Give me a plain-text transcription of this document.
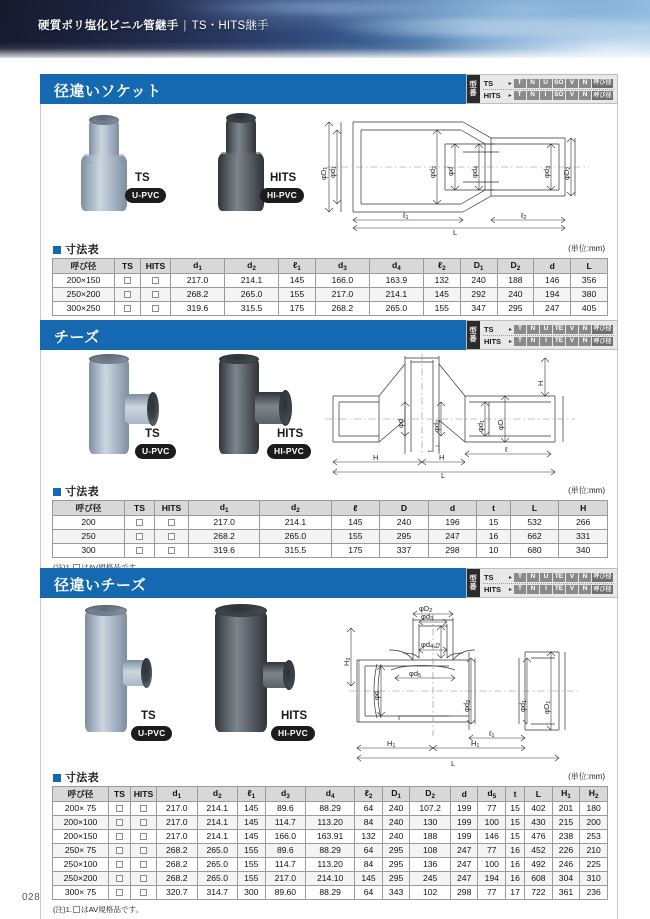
硬質ポリ塩化ビニル管継手 | TS・HITS継手
径違いソケット	型
番
TS	▸ T	N	U SO V	N	呼び径
HITS	▸ T	N	I	SO V	N	呼び径
TS
U-PVC
HITS
HI-PVC
φD1
φd1
φd2 φd φd4
φd3
φD2
ℓ1
L
ℓ2
寸法表	(単位:mm)
呼び径	TS	HITS	$d_1$	$d_2$	ℓ$_1$	$d_3$	$d_4$	ℓ$_2$	$D_1$	$D_2$	d	L
200×150			217.0	214.1	145	166.0	163.9	132	240	188	146	356
250×200			268.2	265.0	155	217.0	214.1	145	292	240	194	380
300×250			319.6	315.5	175	268.2	265.0	155	347	295	247	405
チーズ	型
番
TS	▸ T	N	U	TE	V	N	呼び径
HITS	▸ T	N	I	TE	V	N	呼び径
TS
U-PVC
HITS
HI-PVC
φd	φd2
φd1 φD
H
H	H
ℓ
L
t
寸法表	(単位:mm)
呼び径	TS	HITS	$d_1$	$d_2$	ℓ	D	d	t	L	H
200			217.0	214.1	145	240	196	15	532	266
250			268.2	265.0	155	295	247	16	662	331
300			319.6	315.5	175	337	298	10	680	340
径違いチーズ	型
番
TS	▸ T	N	U	TE	V	N	呼び径
HITS	▸ T	N	I	TE	V	N	呼び径
TS
U-PVC
HITS
HI-PVC
φD2
φd3
φd4
φd5
ℓ2
H2
φd
φd2
φd1
φD1
ℓ1
H1	H1
L
寸法表	(単位:mm)
呼び径	TS	HITS	$d_1$	$d_2$	ℓ$_1$	$d_3$	$d_4$	ℓ$_2$	$D_1$	$D_2$	d	$d_5$	t	L	$H_1$	$H_2$
200× 75			217.0	214.1	145	89.6	88.29	64	240	107.2	199	77	15	402	201	180
200×100			217.0	214.1	145	114.7	113.20	84	240	130	199	100	15	430	215	200
200×150			217.0	214.1	145	166.0	163.91	132	240	188	199	146	15	476	238	253
250× 75			268.2	265.0	155	89.6	88.29	64	295	108	247	77	16	452	226	210
250×100			268.2	265.0	155	114.7	113.20	84	295	136	247	100	16	492	246	225
250×200			268.2	265.0	155	217.0	214.10	145	295	245	247	194	16	608	304	310
300× 75			320.7	314.7	300	89.60	88.29	64	343	102	298	77	17	722	361	236
(注)1. はAV規格品です。
028
